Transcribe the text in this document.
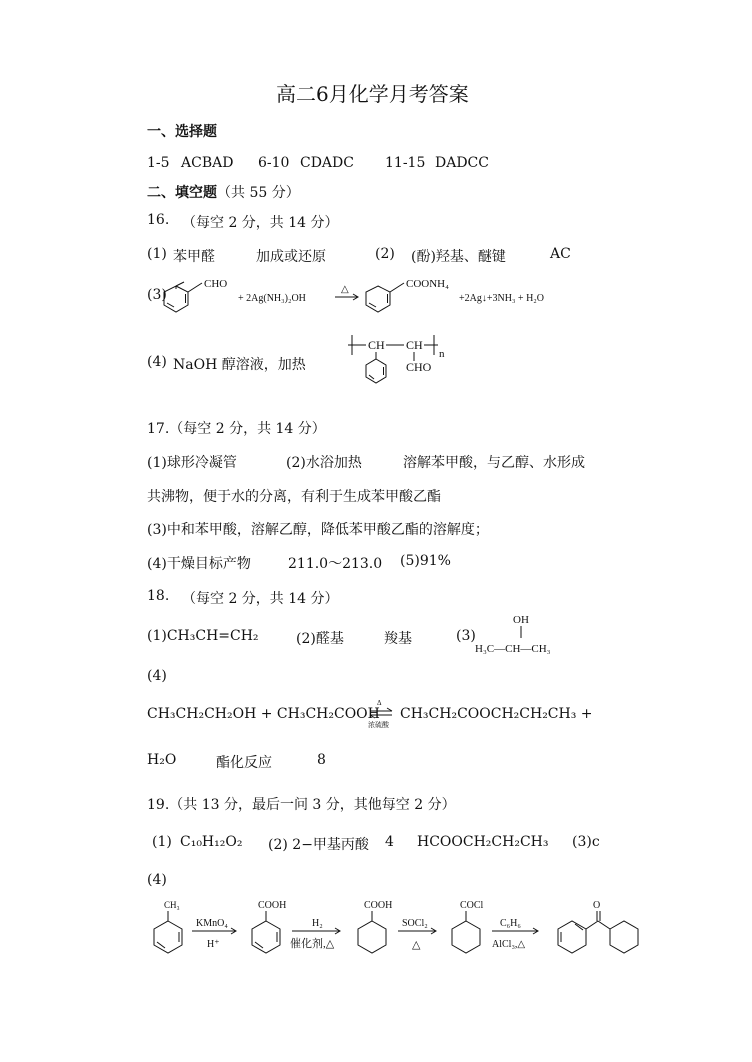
高二6月化学月考答案
一、选择题
1-5 ACBAD 6-10 CDADC 11-15 DADCC
二、填空题（共 55 分）
16. （每空 2 分，共 14 分）
(1) 苯甲醛	加成或还原	(2) (酚)羟基、醚键	AC
(3)
CHO
+ 2Ag(NH₃)₂OH
△	COONH₄
+2Ag↓+3NH₃ + H₂O
(4) NaOH 醇溶液，加热
CH CH
n
CHO
17.（每空 2 分，共 14 分）
(1)球形冷凝管	(2)水浴加热	溶解苯甲酸，与乙醇、水形成
共沸物，便于水的分离，有利于生成苯甲酸乙酯
(3)中和苯甲酸，溶解乙醇，降低苯甲酸乙酯的溶解度；
(4)干燥目标产物	211.0～213.0 (5)91%
18. （每空 2 分，共 14 分）
(1)CH₃CH=CH₂	(2)醛基	羧基	(3)
OH
H₃C—CH—CH₃
(4)
CH₃CH₂CH₂OH + CH₃CH₂COOH
Δ
浓硫酸
CH₃CH₂COOCH₂CH₂CH₃ +
H₂O	酯化反应	8
19.（共 13 分，最后一问 3 分，其他每空 2 分）
(1) C₁₀H₁₂O₂ (2) 2−甲基丙酸 4 HCOOCH₂CH₂CH₃ (3)c
(4)
CH₃
KMnO₄
H⁺
COOH
H₂
催化剂,△
COOH
SOCl₂
△
COCl
C₆H₆
AlCl₃,△
O
